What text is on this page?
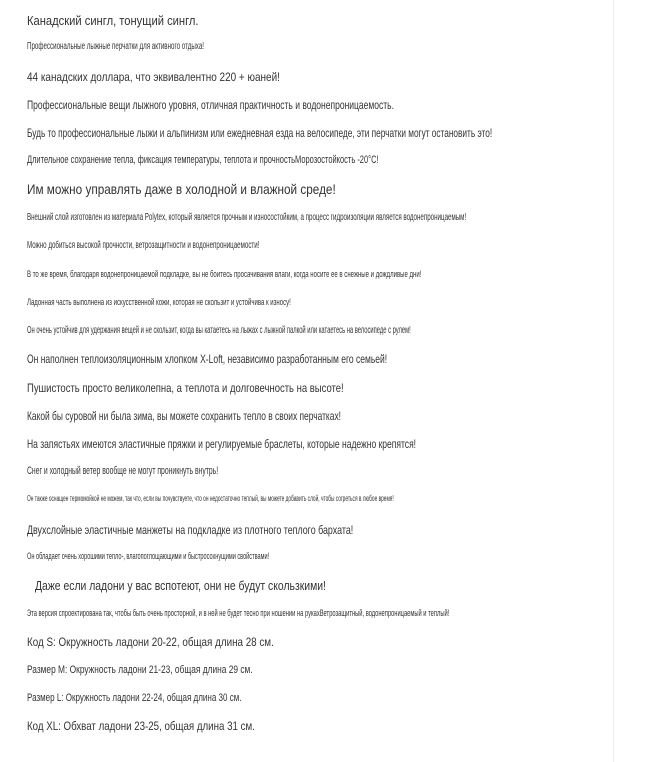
Канадский сингл, тонущий сингл.
Профессиональные лыжные перчатки для активного отдыха!
44 канадских доллара, что эквивалентно 220 + юаней!
Профессиональные вещи лыжного уровня, отличная практичность и водонепроницаемость.
Будь то профессиональные лыжи и альпинизм или ежедневная езда на велосипеде, эти перчатки могут остановить это!
Длительное сохранение тепла, фиксация температуры, теплота и прочностьМорозостойкость -20°C!
Им можно управлять даже в холодной и влажной среде!
Внешний слой изготовлен из материала Polytex, который является прочным и износостойким, а процесс гидроизоляции является водонепроницаемым!
Можно добиться высокой прочности, ветрозащитности и водонепроницаемости!
В то же время, благодаря водонепроницаемой подкладке, вы не боитесь просачивания влаги, когда носите ее в снежные и дождливые дни!
Ладонная часть выполнена из искусственной кожи, которая не скользит и устойчива к износу!
Он очень устойчив для удержания вещей и не скользит, когда вы катаетесь на лыжах с лыжной палкой или катаетесь на велосипеде с рулем!
Он наполнен теплоизоляционным хлопком X-Loft, независимо разработанным его семьей!
Пушистость просто великолепна, а теплота и долговечность на высоте!
Какой бы суровой ни была зима, вы можете сохранить тепло в своих перчатках!
На запястьях имеются эластичные пряжки и регулируемые браслеты, которые надежно крепятся!
Снег и холодный ветер вообще не могут проникнуть внутрь!
Он также оснащен термомойкой не можем, так что, если вы почувствуете, что он недостаточно теплый, вы можете добавить слой, чтобы согреться в любое время!
Двухслойные эластичные манжеты на подкладке из плотного теплого бархата!
Он обладает очень хорошими тепло-, влагопоглощающими и быстросохнущими свойствами!
Даже если ладони у вас вспотеют, они не будут скользкими!
Эта версия спроектирована так, чтобы быть очень просторной, и в ней не будет тесно при ношении на рукахВетрозащитный, водонепроницаемый и теплый!
Код S: Окружность ладони 20-22, общая длина 28 см.
Размер M: Окружность ладони 21-23, общая длина 29 см.
Размер L: Окружность ладони 22-24, общая длина 30 см.
Код XL: Обхват ладони 23-25, общая длина 31 см.
